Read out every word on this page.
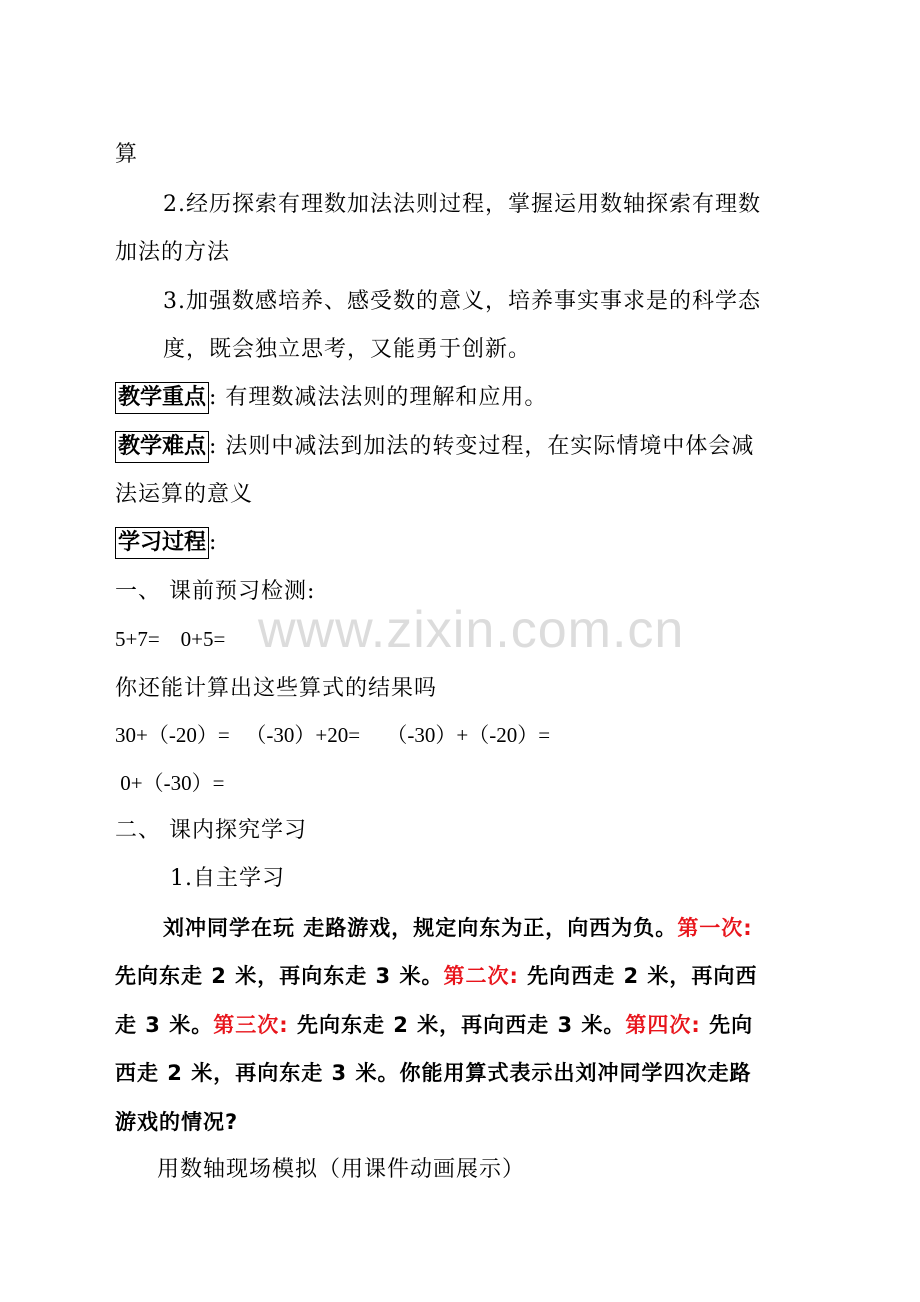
www.zixin.com.cn
算
2.经历探索有理数加法法则过程，掌握运用数轴探索有理数
加法的方法
3.加强数感培养、感受数的意义，培养事实事求是的科学态
度，既会独立思考，又能勇于创新。
教学重点 : 有理数减法法则的理解和应用。
教学难点 : 法则中减法到加法的转变过程，在实际情境中体会减
法运算的意义
学习过程 :
一、 课前预习检测:
5+7=    0+5=
你还能计算出这些算式的结果吗
30+（-20）=   （-30）+20=     （-30）+（-20）=
0+（-30）=
二、 课内探究学习
1.自主学习
刘冲同学在玩 走路游戏，规定向东为正，向西为负。第一次:
先向东走 2 米，再向东走 3 米。第二次: 先向西走 2 米，再向西
走 3 米。第三次: 先向东走 2 米，再向西走 3 米。第四次: 先向
西走 2 米，再向东走 3 米。你能用算式表示出刘冲同学四次走路
游戏的情况?
用数轴现场模拟（用课件动画展示）
